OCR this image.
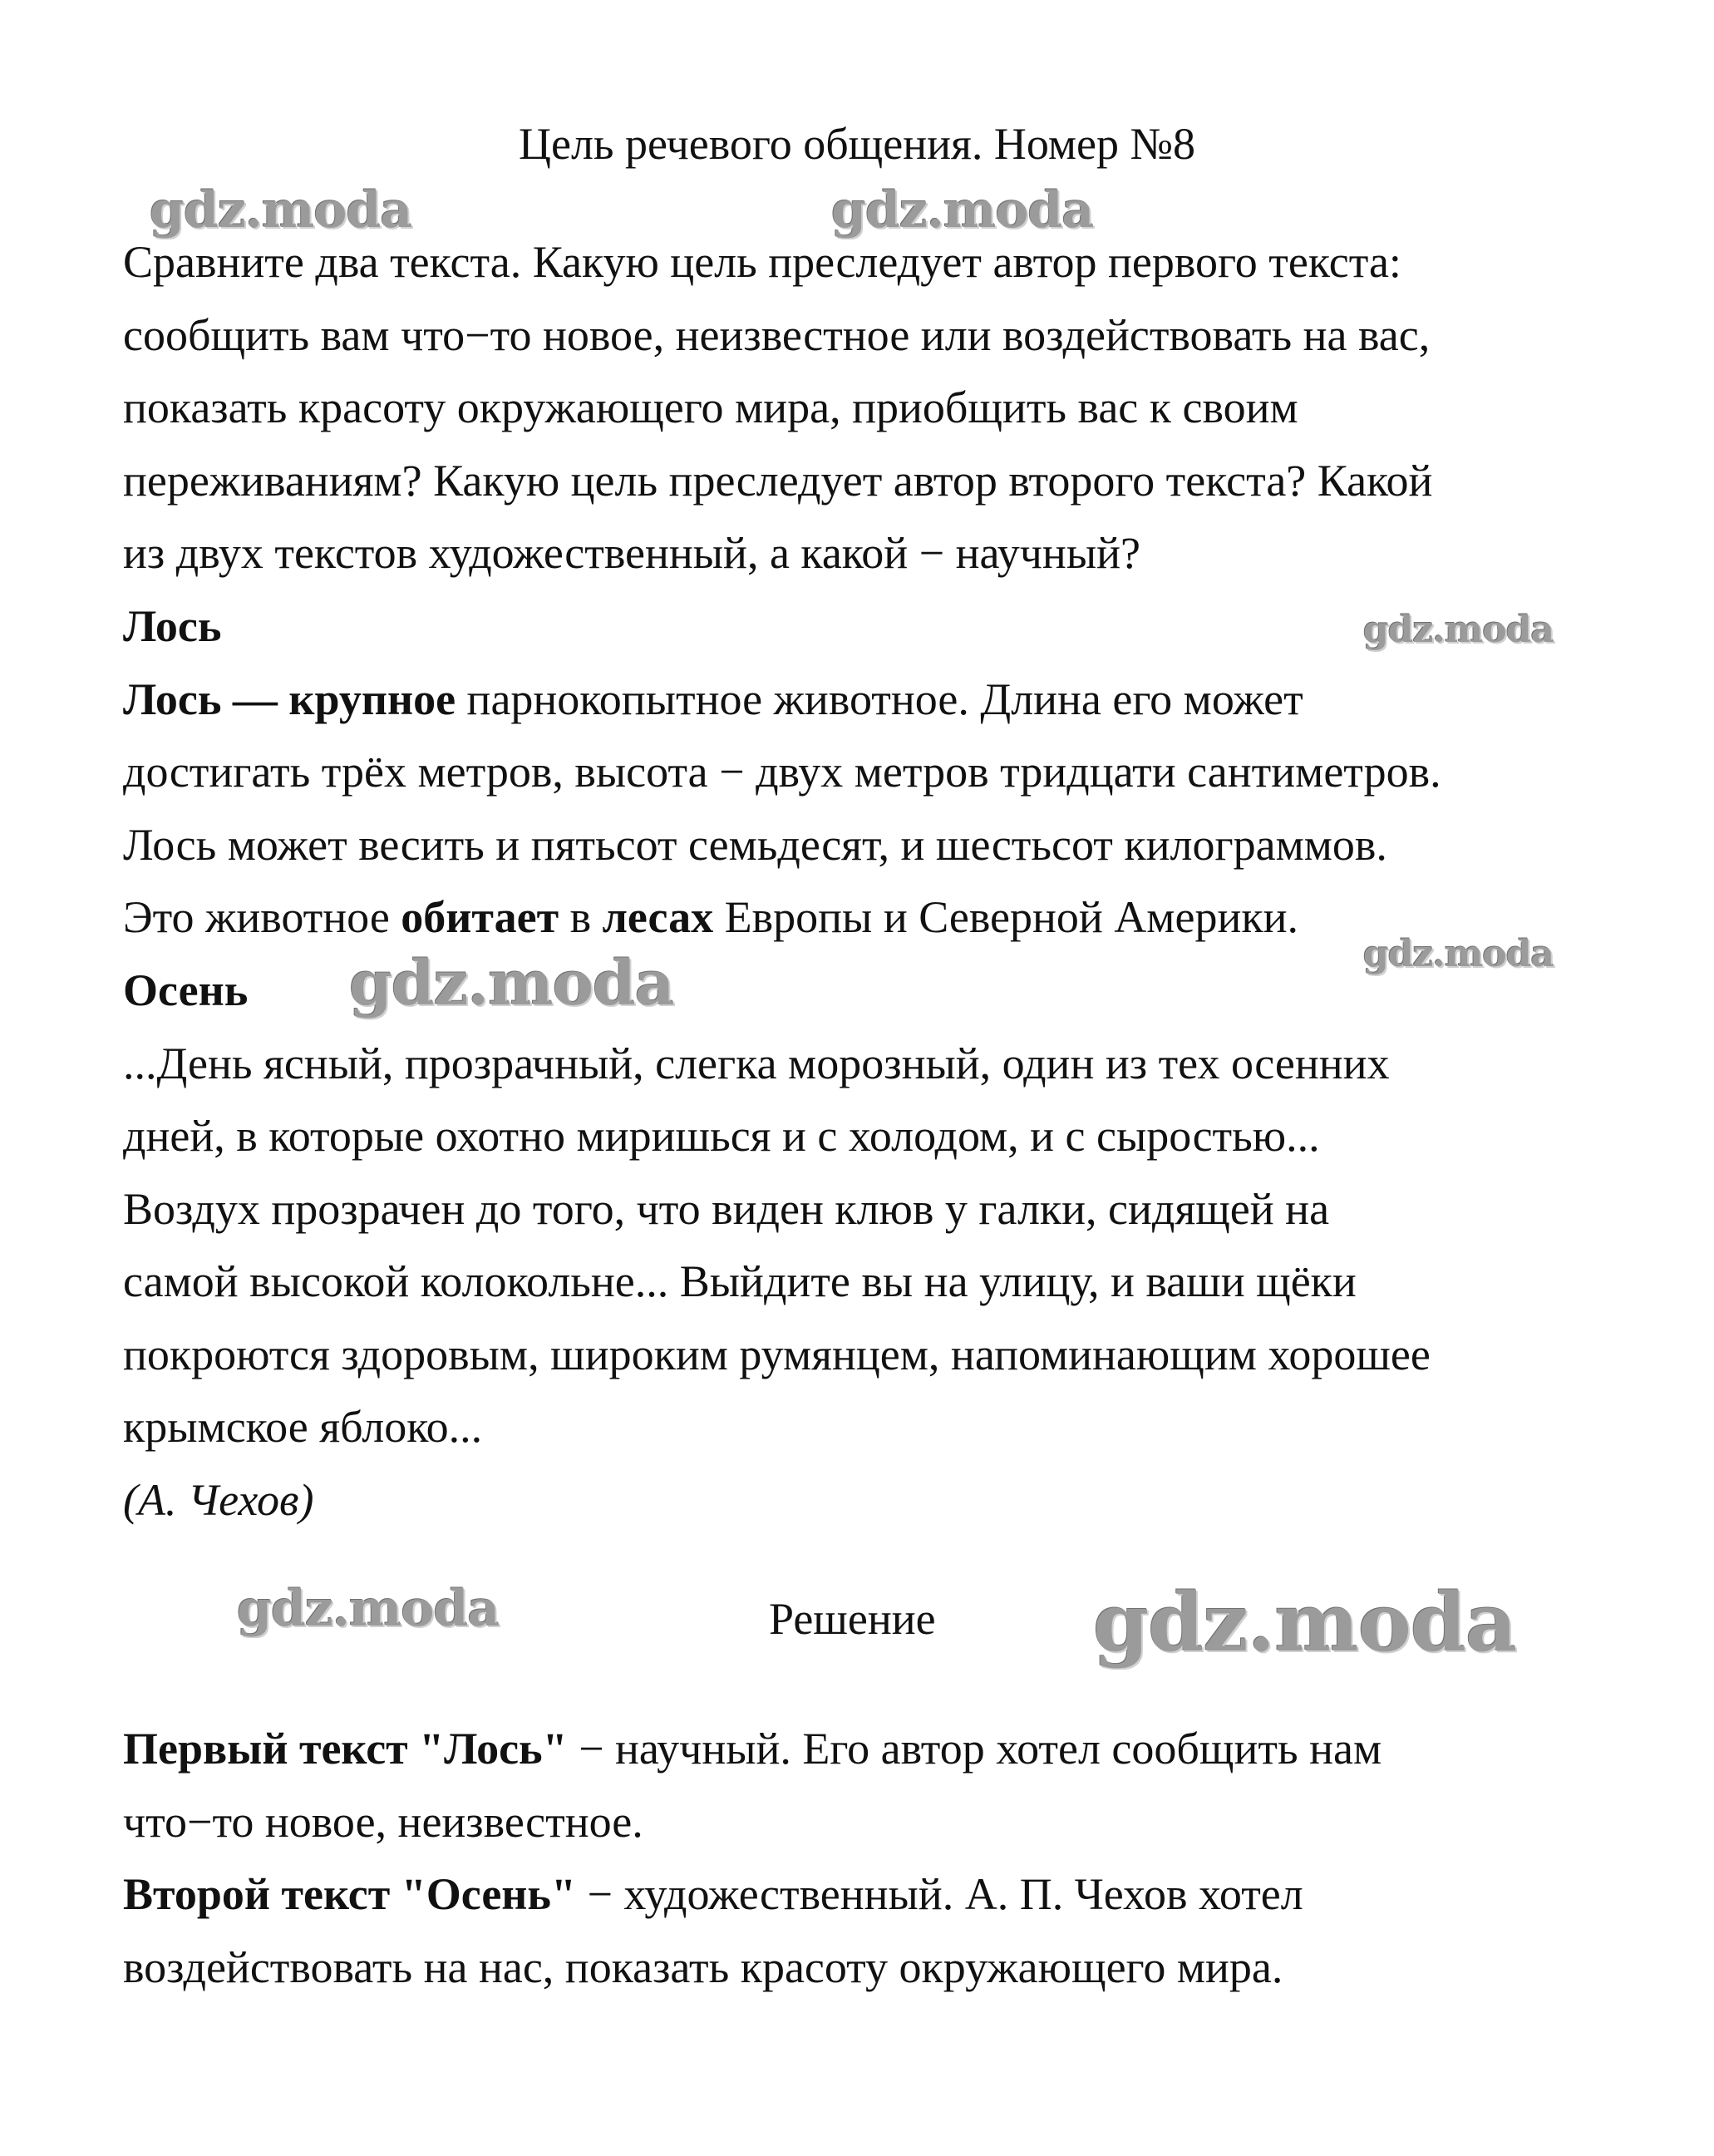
Цель речевого общения. Номер №8

Сравните два текста. Какую цель преследует автор первого текста:

сообщить вам что−то новое, неизвестное или воздействовать на вас,

показать красоту окружающего мира, приобщить вас к своим

переживаниям? Какую цель преследует автор второго текста? Какой

из двух текстов художественный, а какой − научный?

Лось

Лось — крупное парнокопытное животное. Длина его может

достигать трёх метров, высота − двух метров тридцати сантиметров.

Лось может весить и пятьсот семьдесят, и шестьсот килограммов.

Это животное обитает в лесах Европы и Северной Америки.

Осень

...День ясный, прозрачный, слегка морозный, один из тех осенних

дней, в которые охотно миришься и с холодом, и с сыростью...

Воздух прозрачен до того, что виден клюв у галки, сидящей на

самой высокой колокольне... Выйдите вы на улицу, и ваши щёки

покроются здоровым, широким румянцем, напоминающим хорошее

крымское яблоко...

(А. Чехов)

Решение

Первый текст "Лось" − научный. Его автор хотел сообщить нам

что−то новое, неизвестное.

Второй текст "Осень" − художественный. А. П. Чехов хотел

воздействовать на нас, показать красоту окружающего мира.

gdz.moda	gdz.moda
gdz.moda
gdz.moda
gdz.moda
gdz.moda	gdz.moda
